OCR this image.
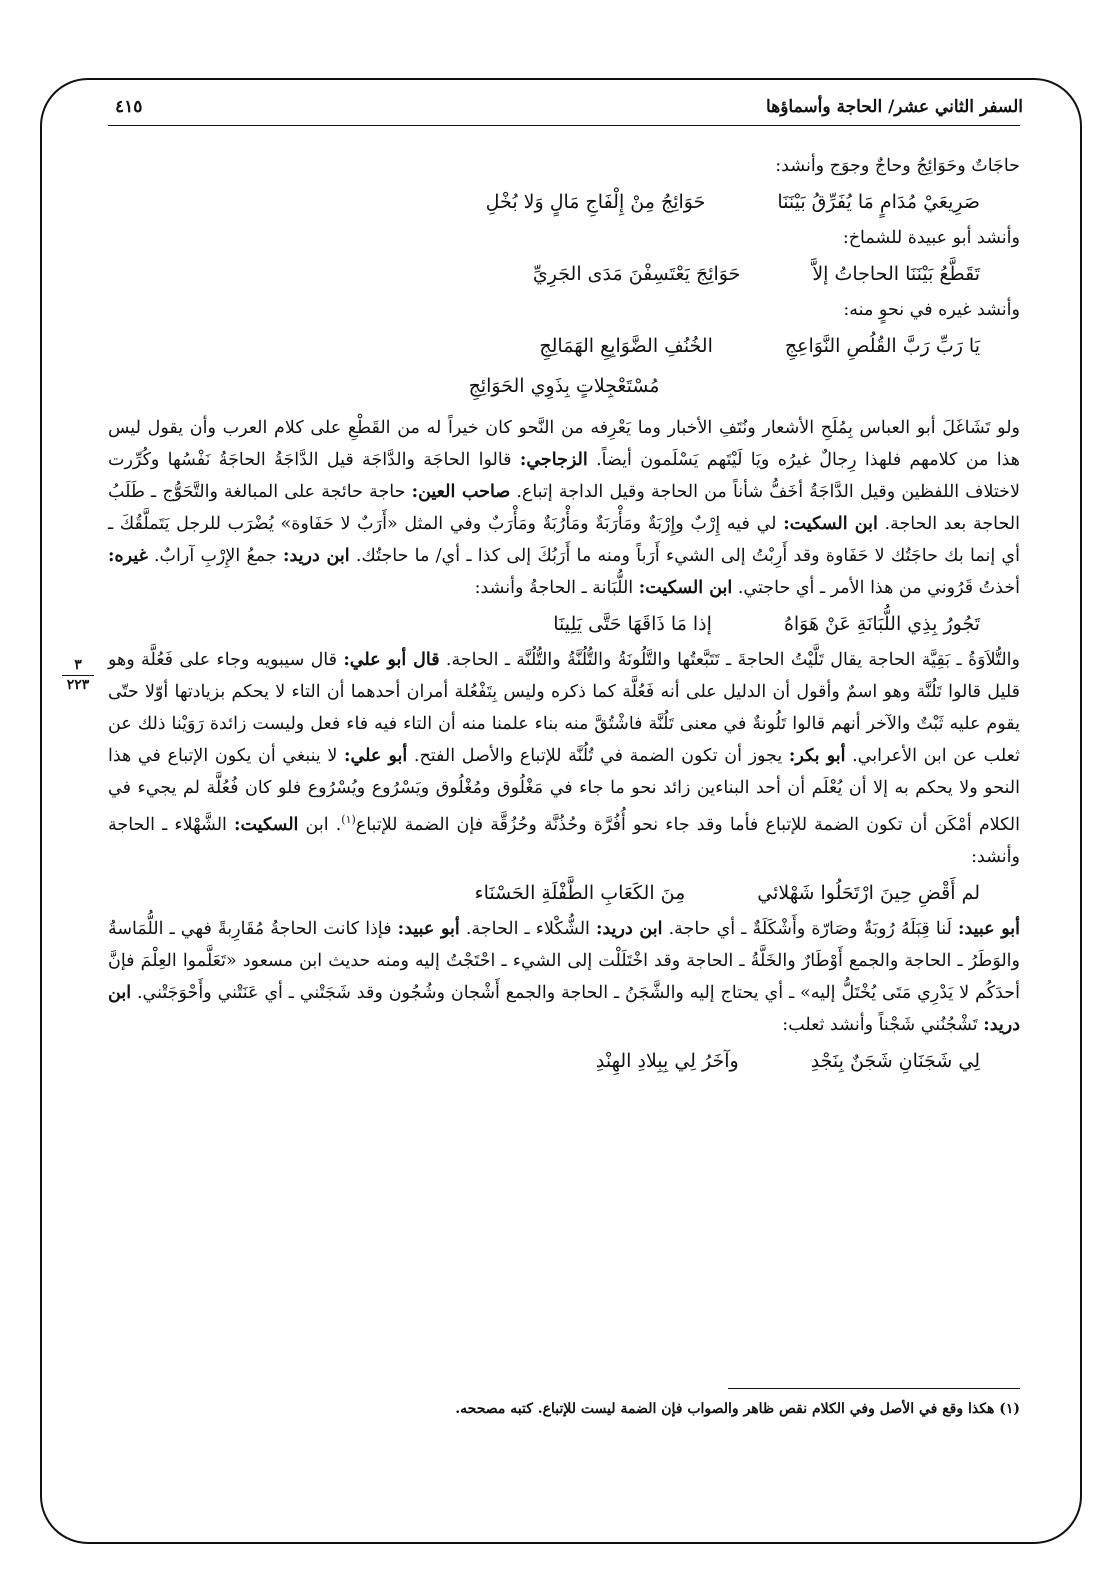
السفر الثاني عشر/ الحاجة وأسماؤها
٤١٥
٣
٢٢٣

حاجَاتٌ وحَوَائِجُ وحاجٌ وجوَج وأنشد:

صَرِيعَيْ مُدَامٍ مَا يُفَرِّقُ بَيْنَنَا
حَوَائِجُ مِنْ إِلْفَاجِ مَالٍ وَلا بُخْلِ

وأنشد أبو عبيدة للشماخ:

تَقَطَّعُ بَيْنَنَا الحاجاتُ إلاَّ
حَوَائِجَ يَعْتَسِفْنَ مَدَى الجَرِيِّ

وأنشد غيره في نحوٍ منه:

يَا رَبِّ رَبَّ القُلُصِ النَّوَاعِجِ
الخُنُفِ الضَّوَابِعِ الهَمَالِجِ
مُسْتَعْجِلاتٍ بِذَوِي الحَوَائِجِ

ولو تَشَاغَلَ أبو العباس بِمُلَحِ الأشعار ونُتَفِ الأخبار وما يَعْرِفه من النَّحو كان خيراً له من القَطْعِ على كلام العرب وأن يقول ليس هذا من كلامهم فلهذا رِجالٌ غيرُه ويَا لَيْتَهم يَسْلَمون أيضاً. الزجاجي: قالوا الحاجَة والدَّاجَة قيل الدَّاجَةُ الحاجَةُ نَفْسُها وكُرِّرت لاختلاف اللفظين وقيل الدَّاجَةُ أخَفُّ شأناً من الحاجة وقيل الداجة إتباع. صاحب العين: حاجة حائجة على المبالغة والتَّحَوُّج ـ طَلَبُ الحاجة بعد الحاجة. ابن السكيت: لي فيه إِرْبٌ وإِرْبَةٌ ومَأْرَبَةٌ ومَأْرُبَةٌ ومَأْرَبٌ وفي المثل «أَرَبٌ لا حَفَاوة» يُضْرَب للرجل يَتَملَّقُكَ ـ أي إنما بك حاجَتُك لا حَفَاوة وقد أَرِبْتُ إلى الشيء أَرَباً ومنه ما أَرَبُكَ إلى كذا ـ أي/ ما حاجتُك. ابن دريد: جمعُ الإِرْبِ آرابٌ. غيره: أخذتُ قَرُوني من هذا الأمر ـ أي حاجتي. ابن السكيت: اللُّبَانة ـ الحاجةُ وأنشد:

تَجُورُ بِذِي اللُّبَانَةِ عَنْ هَوَاهُ
إذا مَا ذَاقَهَا حَتَّى يَلِينَا

والتُّلاَوَةُ ـ بَقِيَّة الحاجة يقال تَلَّيْتُ الحاجةَ ـ تَتَبَّعتُها والتَّلُونَةُ والتُّلُنَّةُ والتُّلُنَّة ـ الحاجة. قال أبو علي: قال سيبويه وجاء على فَعُلَّة وهو قليل قالوا تَلُنَّة وهو اسمٌ وأقول أن الدليل على أنه فَعُلَّة كما ذكره وليس بِتَفْعُلة أمران أحدهما أن التاء لا يحكم بزيادتها أوّلا حتّى يقوم عليه ثَبْتٌ والآخر أنهم قالوا تَلُونةٌ في معنى تَلُنَّة فاشْتُقَّ منه بناء علمنا منه أن التاء فيه فاء فعل وليست زائدة رَوَيْنا ذلك عن ثعلب عن ابن الأعرابي. أبو بكر: يجوز أن تكون الضمة في تُلُنَّة للإتباع والأصل الفتح. أبو علي: لا ينبغي أن يكون الإتباع في هذا النحو ولا يحكم به إلا أن يُعْلَم أن أحد البناءين زائد نحو ما جاء في مَغْلُوق ومُغْلُوق ويَسْرُوع ويُسْرُوع فلو كان فُعُلَّة لم يجيء في الكلام أمْكَن أن تكون الضمة للإتباع فأما وقد جاء نحو أُفُرَّة وحُذُنَّة وحُزُقَّة فإن الضمة للإتباع$^{(١)}$. ابن السكيت: الشَّهْلاء ـ الحاجة وأنشد:

لم أَقْضِ حِينَ ارْتَحَلُوا شَهْلائي
مِنَ الكَعَابِ الطَّفْلَةِ الحَسْنَاء

أبو عبيد: لَنا قِبَلَهُ رُوبَةٌ وصَارّة وأَشْكَلَةٌ ـ أي حاجة. ابن دريد: الشُّكْلاء ـ الحاجة. أبو عبيد: فإذا كانت الحاجةُ مُقَارِبةً فهي ـ اللُّمَاسةُ والوَطَرُ ـ الحاجة والجمع أَوْطَارٌ والخَلَّةُ ـ الحاجة وقد اخْتَلَلْت إلى الشيء ـ احْتَجْتُ إليه ومنه حديث ابن مسعود «تَعَلَّموا العِلْمَ فإنَّ أحدَكُم لا يَدْرِي مَتَى يُخْتَلُّ إليه» ـ أي يحتاج إليه والشَّجَنُ ـ الحاجة والجمع أَشْجان وشُجُون وقد شَجَتْني ـ أي عَنَتْني وأَحْوَجَتْني. ابن دريد: تَشْجُنُني شَجْناً وأنشد ثعلب:

لِي شَجَنَانِ شَجَنٌ بِنَجْدِ
وآخَرُ لِي بِبِلادِ الهِنْدِ
(١) هكذا وقع في الأصل وفي الكلام نقص ظاهر والصواب فإن الضمة ليست للإتباع. كتبه مصححه.
